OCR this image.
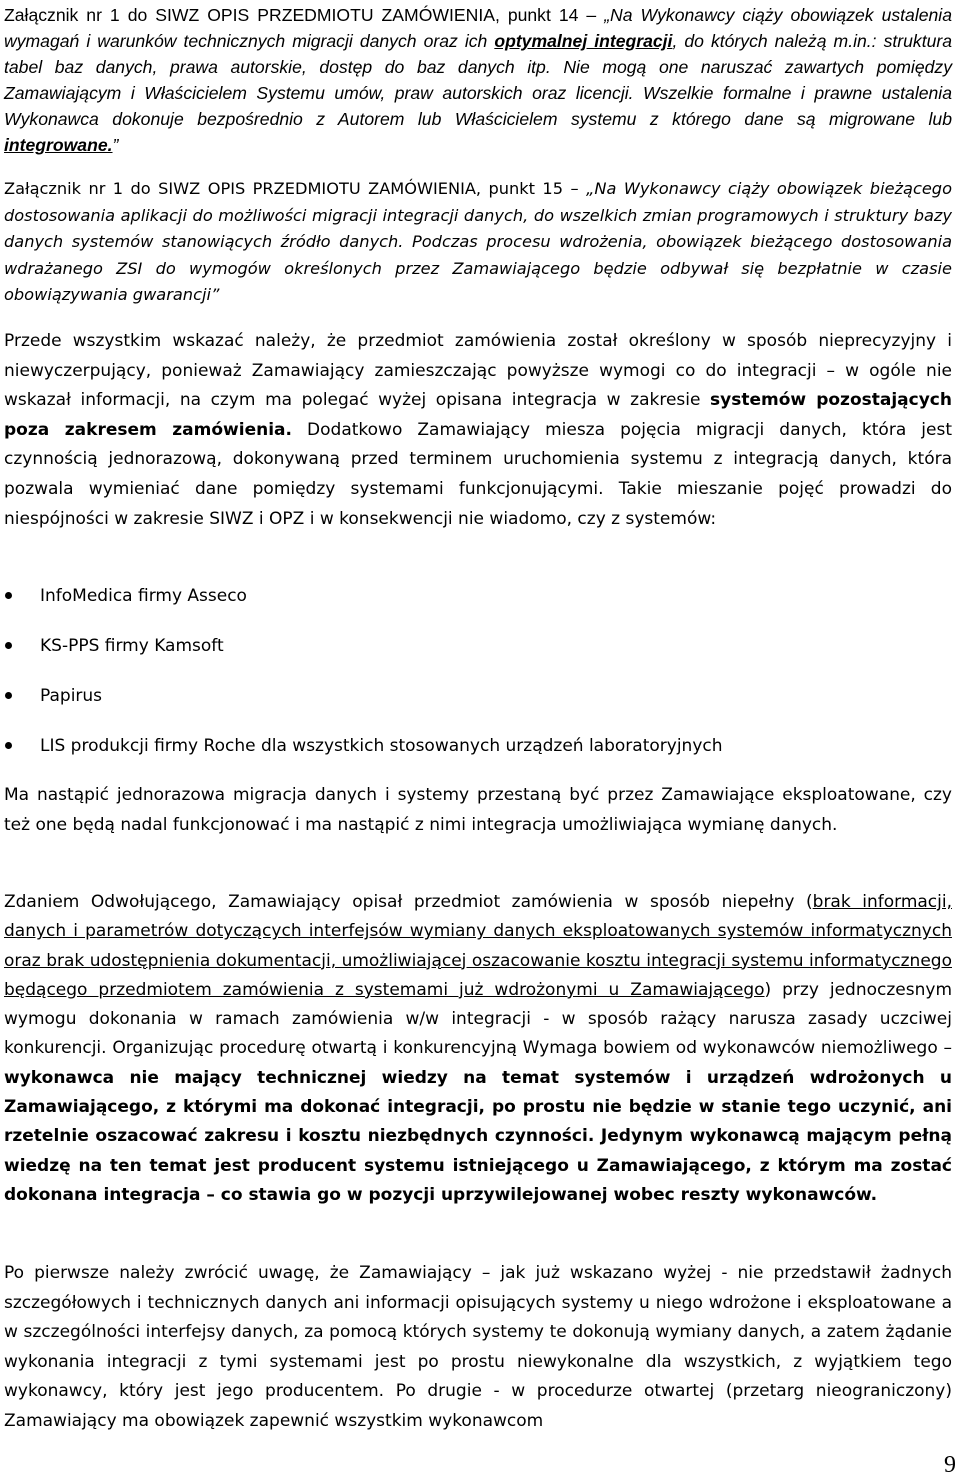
Załącznik nr 1 do SIWZ OPIS PRZEDMIOTU ZAMÓWIENIA, punkt 14 – „Na Wykonawcy ciąży obowiązek ustalenia wymagań i warunków technicznych migracji danych oraz ich optymalnej integracji, do których należą m.in.: struktura tabel baz danych, prawa autorskie, dostęp do baz danych itp. Nie mogą one naruszać zawartych pomiędzy Zamawiającym i Właścicielem Systemu umów, praw autorskich oraz licencji. Wszelkie formalne i prawne ustalenia Wykonawca dokonuje bezpośrednio z Autorem lub Właścicielem systemu z którego dane są migrowane lub integrowane.”

Załącznik nr 1 do SIWZ OPIS PRZEDMIOTU ZAMÓWIENIA, punkt 15 – „Na Wykonawcy ciąży obowiązek bieżącego dostosowania aplikacji do możliwości migracji integracji danych, do wszelkich zmian programowych i struktury bazy danych systemów stanowiących źródło danych. Podczas procesu wdrożenia, obowiązek bieżącego dostosowania wdrażanego ZSI do wymogów określonych przez Zamawiającego będzie odbywał się bezpłatnie w czasie obowiązywania gwarancji”

Przede wszystkim wskazać należy, że przedmiot zamówienia został określony w sposób nieprecyzyjny i niewyczerpujący, ponieważ Zamawiający zamieszczając powyższe wymogi co do integracji – w ogóle nie wskazał informacji, na czym ma polegać wyżej opisana integracja w zakresie systemów pozostających poza zakresem zamówienia. Dodatkowo Zamawiający miesza pojęcia migracji danych, która jest czynnością jednorazową, dokonywaną przed terminem uruchomienia systemu z integracją danych, która pozwala wymieniać dane pomiędzy systemami funkcjonującymi. Takie mieszanie pojęć prowadzi do niespójności w zakresie SIWZ i OPZ i w konsekwencji nie wiadomo, czy z systemów:

InfoMedica firmy Asseco
KS-PPS firmy Kamsoft
Papirus
LIS produkcji firmy Roche dla wszystkich stosowanych urządzeń laboratoryjnych

Ma nastąpić jednorazowa migracja danych i systemy przestaną być przez Zamawiające eksploatowane, czy też one będą nadal funkcjonować i ma nastąpić z nimi integracja umożliwiająca wymianę danych.

Zdaniem Odwołującego, Zamawiający opisał przedmiot zamówienia w sposób niepełny (brak informacji, danych i parametrów dotyczących interfejsów wymiany danych eksploatowanych systemów informatycznych oraz brak udostępnienia dokumentacji, umożliwiającej oszacowanie kosztu integracji systemu informatycznego będącego przedmiotem zamówienia z systemami już wdrożonymi u Zamawiającego) przy jednoczesnym wymogu dokonania w ramach zamówienia w/w integracji - w sposób rażący narusza zasady uczciwej konkurencji. Organizując procedurę otwartą i konkurencyjną Wymaga bowiem od wykonawców niemożliwego – wykonawca nie mający technicznej wiedzy na temat systemów i urządzeń wdrożonych u Zamawiającego, z którymi ma dokonać integracji, po prostu nie będzie w stanie tego uczynić, ani rzetelnie oszacować zakresu i kosztu niezbędnych czynności. Jedynym wykonawcą mającym pełną wiedzę na ten temat jest producent systemu istniejącego u Zamawiającego, z którym ma zostać dokonana integracja – co stawia go w pozycji uprzywilejowanej wobec reszty wykonawców.

Po pierwsze należy zwrócić uwagę, że Zamawiający – jak już wskazano wyżej - nie przedstawił żadnych szczegółowych i technicznych danych ani informacji opisujących systemy u niego wdrożone i eksploatowane a w szczególności interfejsy danych, za pomocą których systemy te dokonują wymiany danych, a zatem żądanie wykonania integracji z tymi systemami jest po prostu niewykonalne dla wszystkich, z wyjątkiem tego wykonawcy, który jest jego producentem. Po drugie - w procedurze otwartej (przetarg nieograniczony) Zamawiający ma obowiązek zapewnić wszystkim wykonawcom

9
